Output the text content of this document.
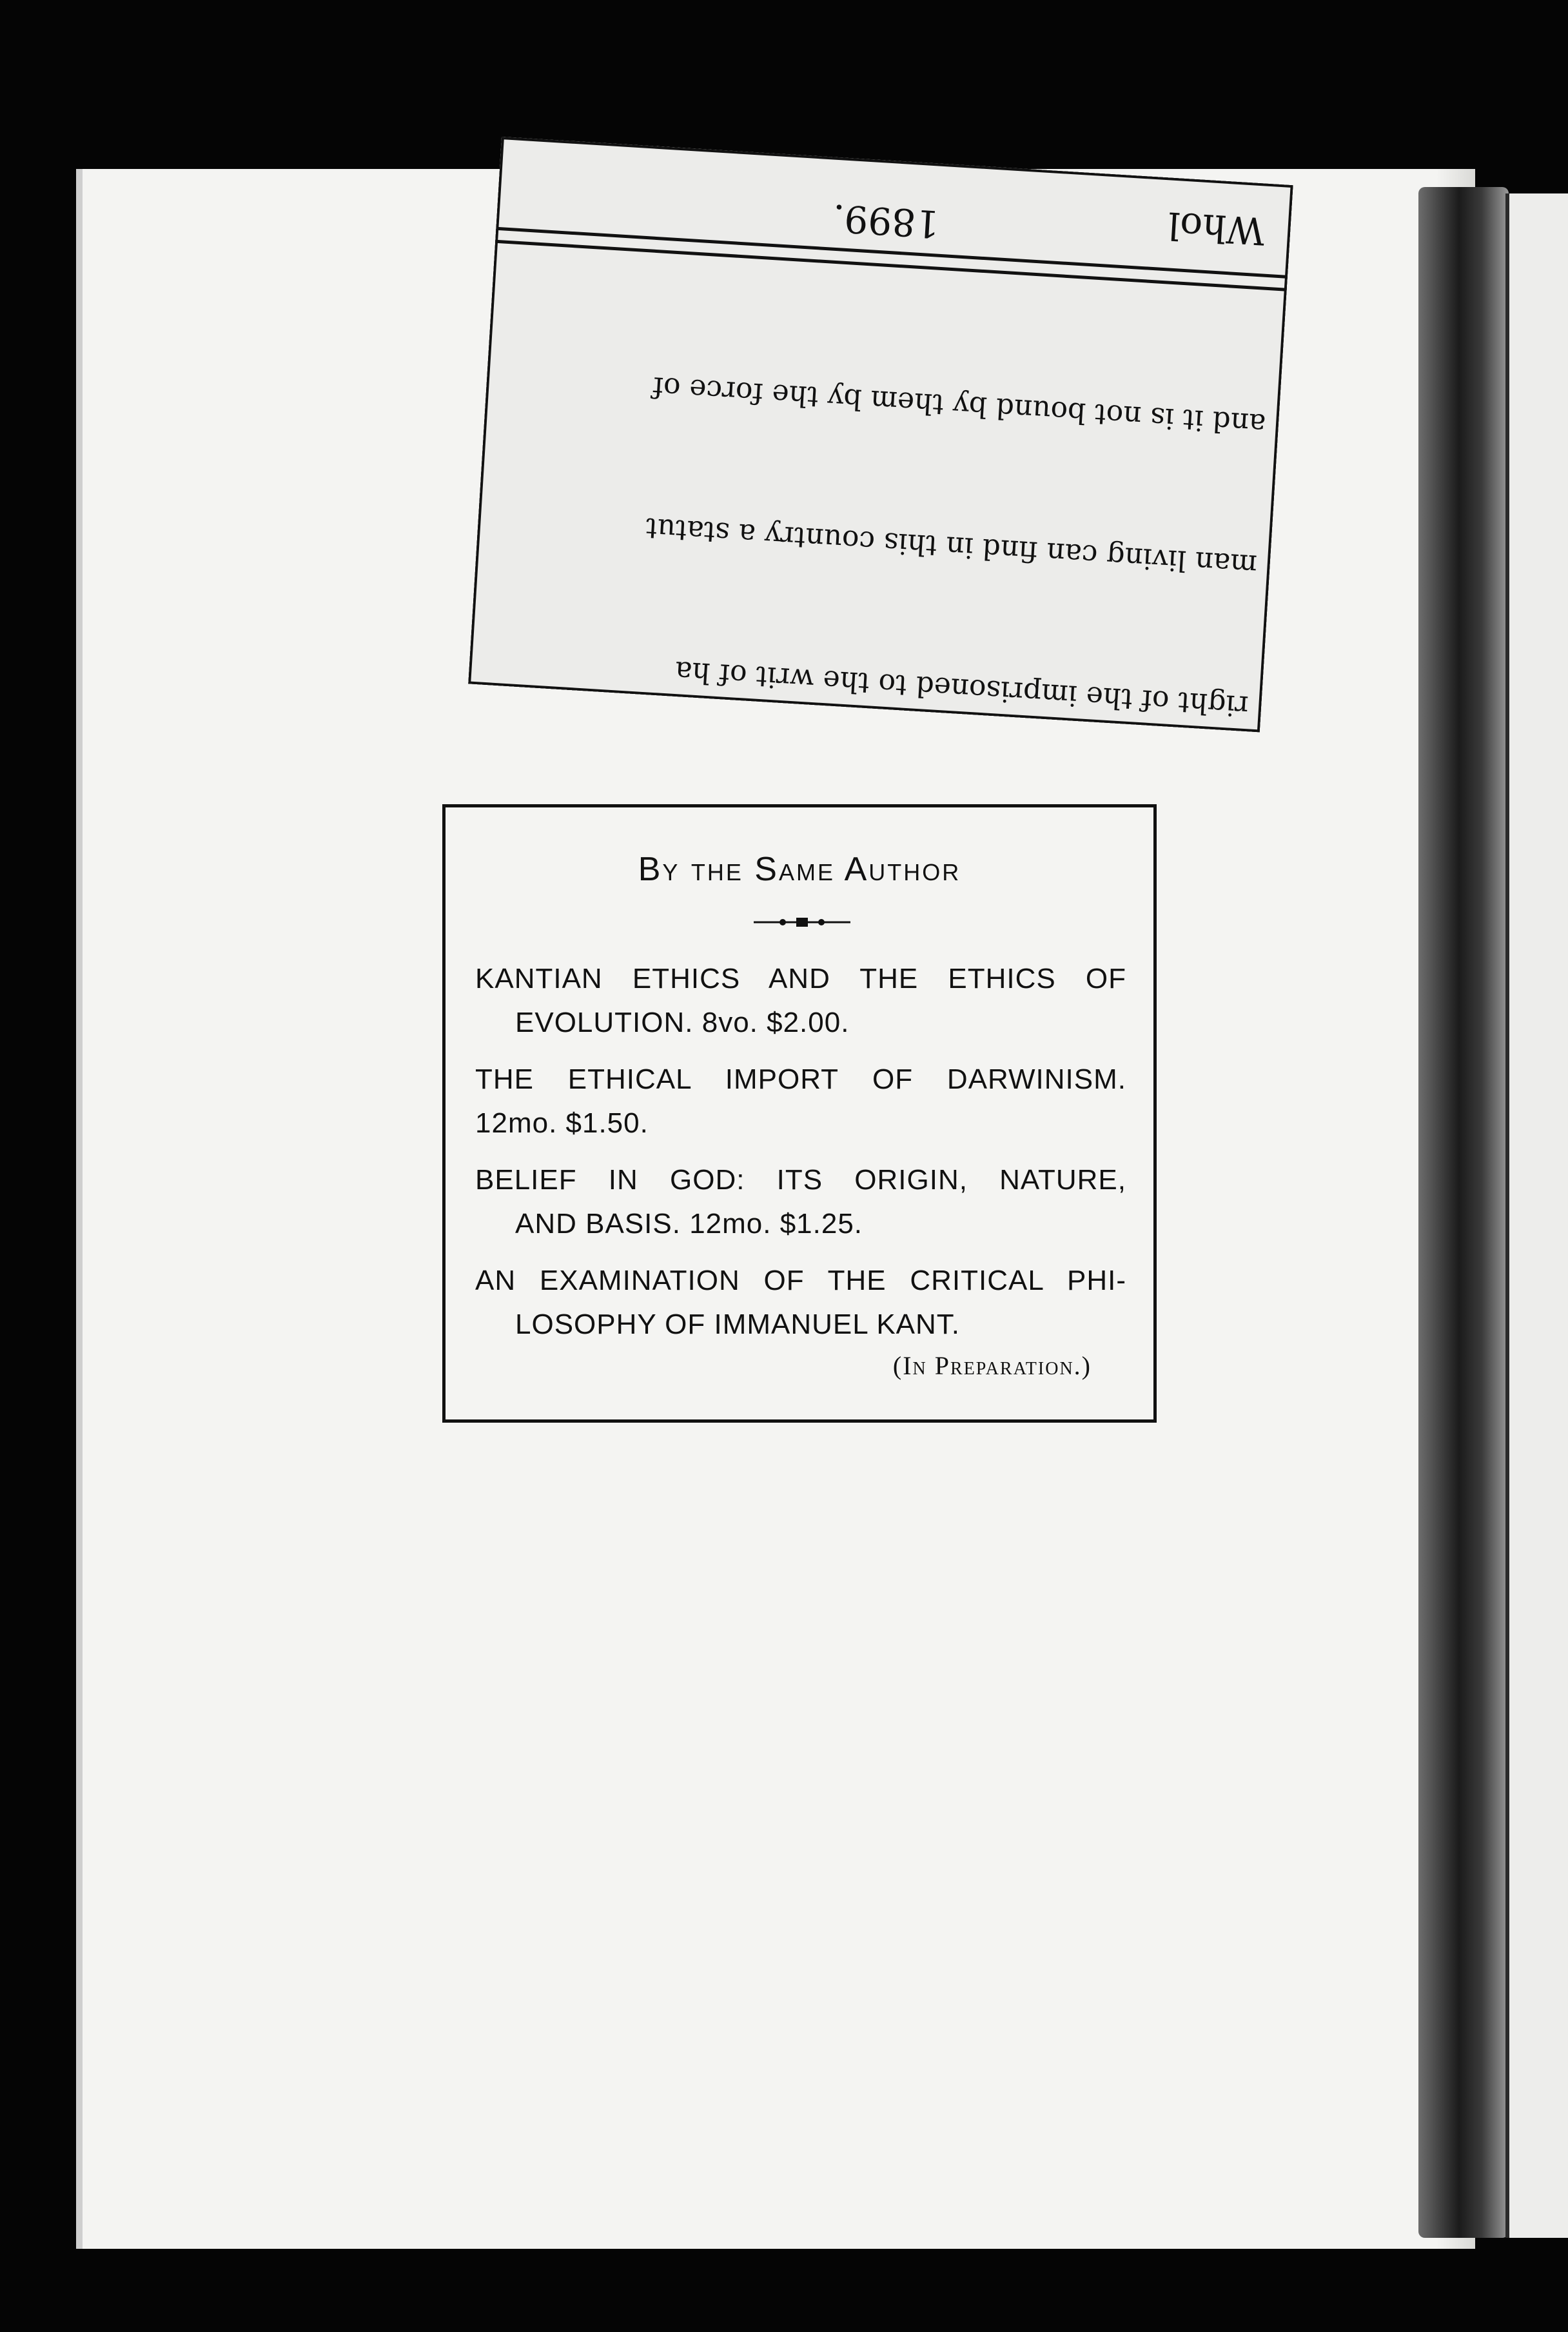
Whol
1899.

right of the imprisoned to the writ of ha

man living can find in this country a statut

and it is not bound by them by the force of

By the Same Author
KANTIAN ETHICS AND THE ETHICS OF
EVOLUTION. 8vo. $2.00.
THE ETHICAL IMPORT OF DARWINISM.
12mo. $1.50.
BELIEF IN GOD: ITS ORIGIN, NATURE,
AND BASIS. 12mo. $1.25.
AN EXAMINATION OF THE CRITICAL PHI-
LOSOPHY OF IMMANUEL KANT.
(In Preparation.)
